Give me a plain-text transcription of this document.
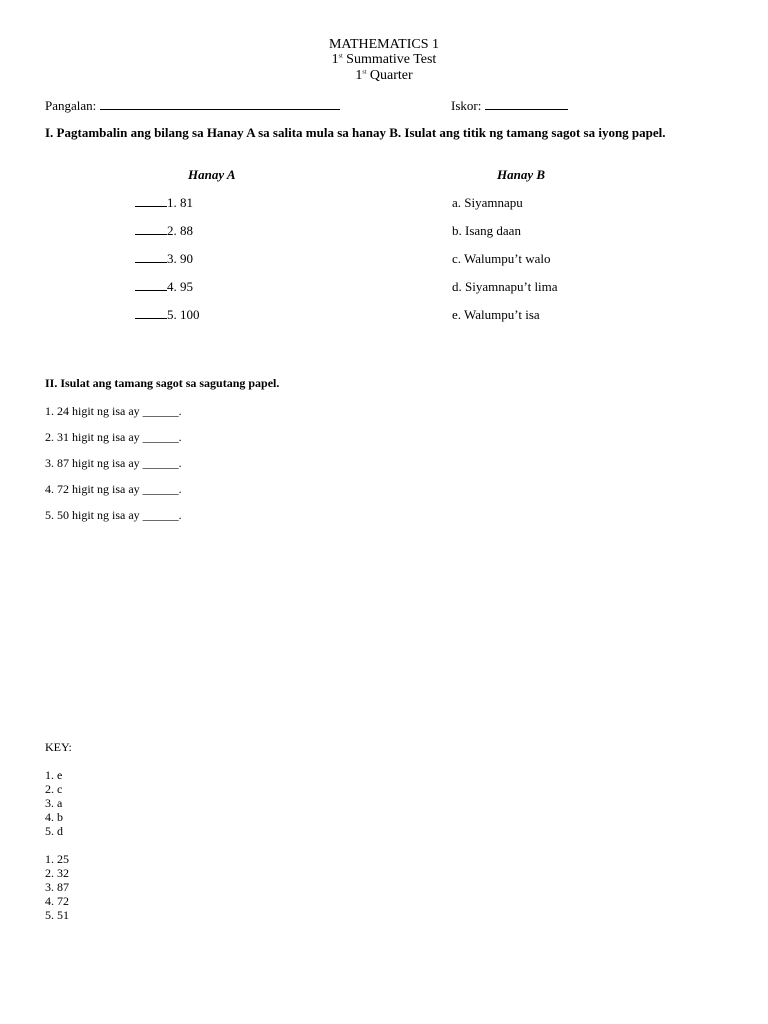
MATHEMATICS 1
1st Summative Test
1st Quarter
Pangalan:	Iskor:
I. Pagtambalin ang bilang sa Hanay A sa salita mula sa hanay B. Isulat ang titik ng tamang sagot sa iyong papel.
Hanay A	Hanay B
1. 81
2. 88
3. 90
4. 95
5. 100
a. Siyamnapu
b. Isang daan
c. Walumpu’t walo
d. Siyamnapu’t lima
e. Walumpu’t isa
II. Isulat ang tamang sagot sa sagutang papel.
1. 24 higit ng isa ay ______.
2. 31 higit ng isa ay ______.
3. 87 higit ng isa ay ______.
4. 72 higit ng isa ay ______.
5. 50 higit ng isa ay ______.
KEY:
1. e
2. c
3. a
4. b
5. d
1. 25
2. 32
3. 87
4. 72
5. 51
